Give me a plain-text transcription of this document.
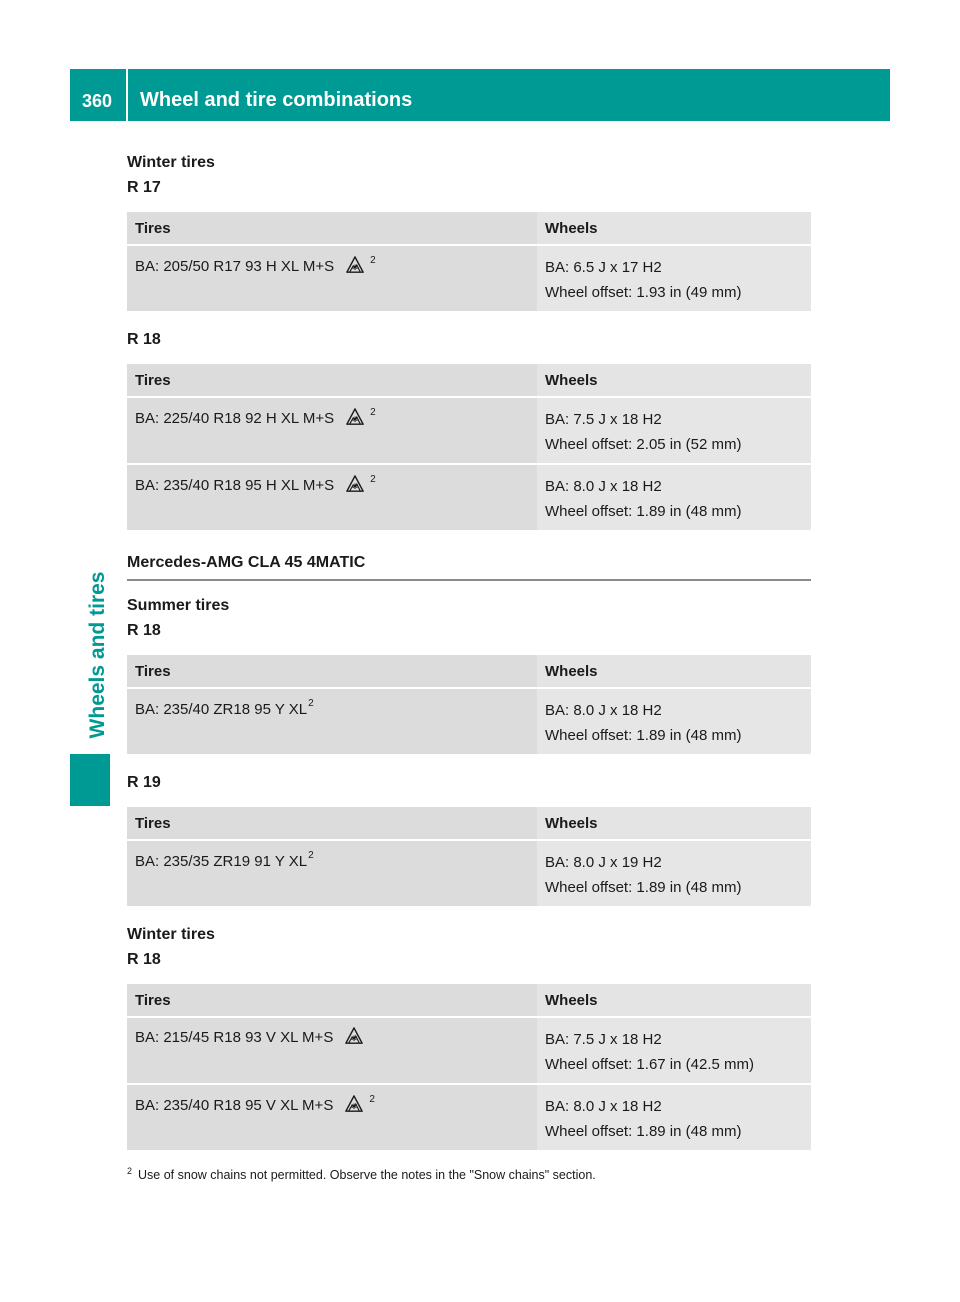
360 Wheel and tire combinations
Wheels and tires
Winter tires
R 17
Tires	Wheels
BA: 205/50 R17 93 H XL M+S $^2$	BA: 6.5 J x 17 H2
Wheel offset: 1.93 in (49 mm)
R 18
Tires	Wheels
BA: 225/40 R18 92 H XL M+S $^2$	BA: 7.5 J x 18 H2
Wheel offset: 2.05 in (52 mm)

BA: 235/40 R18 95 H XL M+S $^2$	BA: 8.0 J x 18 H2
Wheel offset: 1.89 in (48 mm)
Mercedes-AMG CLA 45 4MATIC
Summer tires
R 18
Tires	Wheels
BA: 235/40 ZR18 95 Y $XL^2$	BA: 8.0 J x 18 H2
Wheel offset: 1.89 in (48 mm)
R 19
Tires	Wheels
BA: 235/35 ZR19 91 Y $XL^2$	BA: 8.0 J x 19 H2
Wheel offset: 1.89 in (48 mm)
Winter tires
R 18
Tires	Wheels
BA: 215/45 R18 93 V XL M+S	BA: 7.5 J x 18 H2
Wheel offset: 1.67 in (42.5 mm)

BA: 235/40 R18 95 V XL M+S $^2$	BA: 8.0 J x 18 H2
Wheel offset: 1.89 in (48 mm)
$^2$ Use of snow chains not permitted. Observe the notes in the "Snow chains" section.
